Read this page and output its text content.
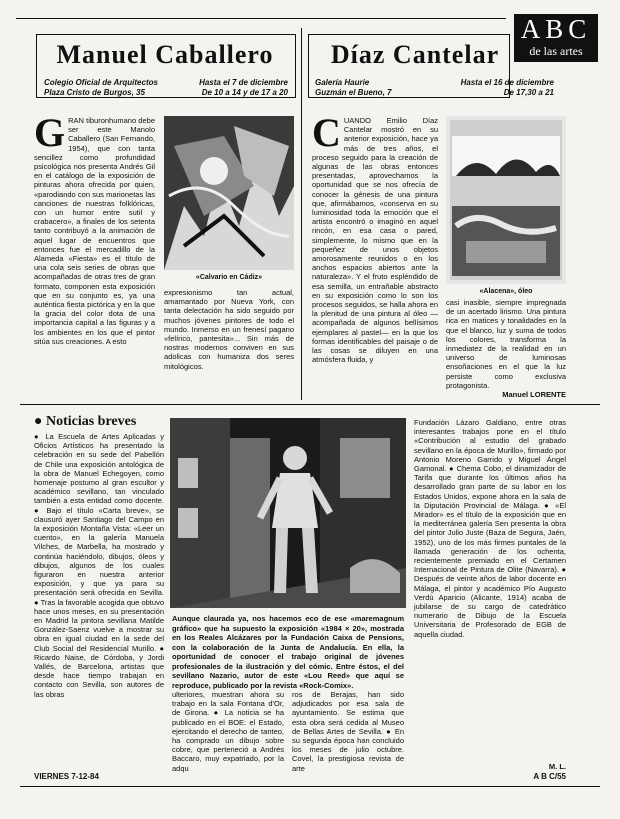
ABC
de las artes
Manuel Caballero
Colegio Oficial de Arquitectos
Plaza Cristo de Burgos, 35
Hasta el 7 de diciembre
De 10 a 14 y de 17 a 20
G RAN tiburonhumano debe ser este Manolo Caballero (San Fernando, 1954), que con tanta sencillez como profundidad psicológica nos presenta Andrés Gil en el catálogo de la exposición de pinturas ahora ofrecida por quien, «parodiando con sus marionetas las canciones de nuestras folklóricas, con un humor entre sutil y crabacero», a finales de los setenta tanto contribuyó a la animación de aquel lugar de encuentros que entonces fue el mercadillo de la Alameda «Fiesta» es el título de una cola seis series de obras que acompañadas de otras tres de gran formato, componen esta exposición que en su conjunto es, ya una auténtica fiesta pictórica y en la que la gracia del color dota de una importancia capital a las figuras y a los ambientes en los que el pintor sitúa sus creaciones. A esto
«Calvario en Cádiz»
expresionismo tan actual, amamantado por Nueva York, con tanta delectación ha sido seguido por muchos jóvenes pintores de todo el mundo. Inmerso en un frenesí pagano «felírico, pantesita»... Sin más de nostras modernos conviven en sus adolicas con humaniza dos seres mitológicos.
Díaz Cantelar
Galería Haurie
Guzmán el Bueno, 7
Hasta el 16 de diciembre
De 17,30 a 21
C UANDO Emilio Díaz Cantelar mostró en su anterior exposición, hace ya más de tres años, el proceso seguido para la creación de algunas de las obras entonces presentadas, aprovechamos la oportunidad que se nos ofrecía de conocer la génesis de una pintura que, afirmábamos, «conserva en su luminosidad toda la emoción que el artista encontró o imaginó en aquel rincón, en esa casa o pared, simplemente, lo mismo que en la pequeñez de unos objetos amorosamente reunidos o en los anchos espacios abiertos ante la naturaleza». Y el fruto espléndido de esa semilla, un entrañable abstracto en su exposición como lo son los procesos seguidos, se halla ahora en la plenitud de una pintura al óleo —acompañada de algunos bellísimos ejemplares al pastel— en la que los formas identificables del paisaje o de las cosas se diluyen en una atmósfera fluida, y
«Alacena», óleo
casi inasible, siempre impregnada de un acertado lirismo. Una pintura rica en matices y tonalidades en la que el blanco, luz y suma de todos los colores, transforma la inmediatez de la realidad en un universo de luminosas ensoñaciones en el que la luz persiste como exclusiva protagonista.
Manuel LORENTE
● Noticias breves
● La Escuela de Artes Aplicadas y Oficios Artísticos ha presentado la celebración en su sede del Pabellón de Chile una exposición antológica de la obra de Manuel Echegoyen, como homenaje postumo al gran escultor y académico sevillano, tan vinculado también a esta entidad como docente. ● Bajo el título «Carta breve», se clausuró ayer Santiago del Campo en la exposición Montaña Vista: «Leer un cuento», en la galería Manuela Vilches, de Marbella, ha mostrado y continúa haciéndolo, dibujos, óleos y dibujos, algunos de los cuales figuraron en nuestra anterior exposición, y que ya para su presentación será ofrecida en Sevilla. ● Tras la favorable acogida que obtuvo hace unos meses, en su presentación en Madrid la pintora sevillana Matilde González-Saenz vuelve a mostrar su obra en igual ciudad en la sede del Club Social del Residencial Murillo. ● Ricardo Naise, de Córdoba, y Jordi Vallés, de Barcelona, artistas que desde hace tiempo trabajan en contacto con Sevilla, son autores de las obras
Aunque claurada ya, nos hacemos eco de ese «maremagnum gráfico» que ha supuesto la exposición «1984 × 20», mostrada en los Reales Alcázares por la Fundación Caixa de Pensions, con la colaboración de la Junta de Andalucía. En ella, la oportunidad de conocer el trabajo original de jóvenes profesionales de la ilustración y del cómic. Entre éstos, el del sevillano Nazario, autor de este «Lou Reed» que aquí se reproduce, publicado por la revista «Rock-Comix».
ulteriores, muestran ahora su trabajo en la sala Fontana d'Or, de Girona. ● La noticia se ha publicado en el BOE: el Estado, ejercitando el derecho de tanteo, ha comprado un dibujo sobre cobre, que perteneció a Andrés Baccaro, muy expatriado, por la adqu
ros de Berajas, han sido adjudicados por esa sala de ayuntamiento. Se estima que esta obra será cedida al Museo de Bellas Artes de Sevilla. ● En su segunda época han concluido los meses de julio octubre. Covel, la prestigiosa revista de arte
Fundación Lázaro Galdiano, entre otras interesantes trabajos pone en el título «Contribución al estudio del grabado sevillano en la época de Murillo», firmado por Antonio Moreno Garrido y Miguel Ángel Gamonal. ● Chema Cobo, el dinamizador de Tarifa que durante los últimos años ha desarrollado gran parte de su labor en los Estados Unidos, expone ahora en la sala de la Diputación Provincial de Málaga. ● «El Mirador» es el título de la exposición que en la mediterránea galería Sen presenta la obra del pintor Julio Juste (Baza de Segura, Jaén, 1952), uno de los más firmes puntales de la llamada generación de los ochenta, recientemente premiado en el Certamen Internacional de Pintura de Olite (Navarra). ● Después de veinte años de labor docente en Málaga, el pintor y académico Pío Augusto Verdú Aparicio (Alicante, 1914) acaba de jubilarse de su cargo de catedrático numerario de Dibujo de la Escuela Universitaria de Profesorado de EGB de aquella ciudad.
M. L.
VIERNES 7-12-84	A B C/55
